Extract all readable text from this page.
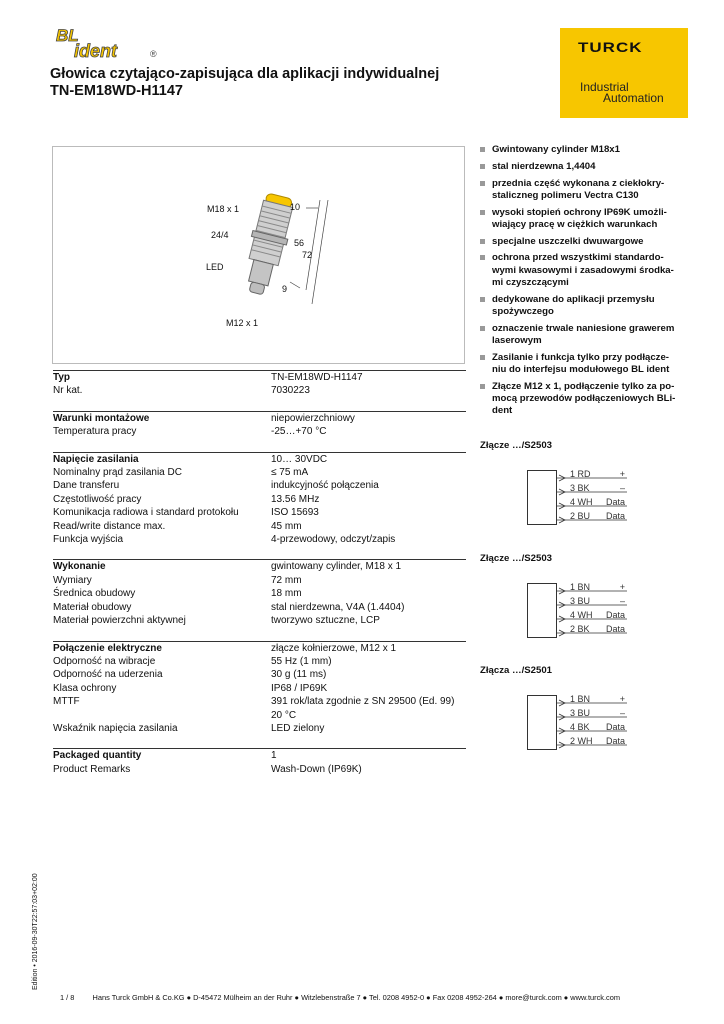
BL
ident	®
Głowica czytająco-zapisująca dla aplikacji indywidualnej
TN-EM18WD-H1147
TURCK
Industrial
Automation
M18 x 1
24/4
LED
M12 x 1
10
56
72
9
Typ	TN-EM18WD-H1147
Nr kat.	7030223
Warunki montażowe	niepowierzchniowy
Temperatura pracy	-25…+70 °C
Napięcie zasilania	10… 30VDC
Nominalny prąd zasilania DC	≤ 75 mA
Dane transferu	indukcyjność połączenia
Częstotliwość pracy	13.56 MHz
Komunikacja radiowa i standard protokołu	ISO 15693
Read/write distance max.	45 mm
Funkcja wyjścia	4-przewodowy, odczyt/zapis
Wykonanie	gwintowany cylinder, M18 x 1
Wymiary	72 mm
Średnica obudowy	18 mm
Materiał obudowy	stal nierdzewna, V4A (1.4404)
Materiał powierzchni aktywnej	tworzywo sztuczne, LCP
Połączenie elektryczne	złącze kołnierzowe, M12 x 1
Odporność na wibracje	55 Hz (1 mm)
Odporność na uderzenia	30 g (11 ms)
Klasa ochrony	IP68 / IP69K
MTTF	391 rok/lata zgodnie z SN 29500 (Ed. 99) 20 °C
Wskaźnik napięcia zasilania	LED zielony
Packaged quantity	1
Product Remarks	Wash-Down (IP69K)
Gwintowany cylinder M18x1
stal nierdzewna 1,4404
przednia część wykonana z ciekłokry-staliczneg polimeru Vectra C130
wysoki stopień ochrony IP69K umożli-wiający pracę w ciężkich warunkach
specjalne uszczelki dwuwargowe
ochrona przed wszystkimi standardo-wymi kwasowymi i zasadowymi środka-mi czyszczącymi
dedykowane do aplikacji przemysłu spożywczego
oznaczenie trwale naniesione grawerem laserowym
Zasilanie i funkcja tylko przy podłącze-niu do interfejsu modułowego BL ident
Złącze M12 x 1, podłączenie tylko za po-mocą przewodów podłączeniowych BLi-dent
Złącze …/S2503
1 RD	+
3 BK	–
4 WH	Data
2 BU	Data
Złącze …/S2503
1 BN	+
3 BU	–
4 WH	Data
2 BK	Data
Złącza …/S2501
1 BN	+
3 BU	–
4 BK	Data
2 WH	Data
Edition • 2016-09-30T22:57:03+02:00
1 / 8 Hans Turck GmbH & Co.KG ● D-45472 Mülheim an der Ruhr ● Witzlebenstraße 7 ● Tel. 0208 4952-0 ● Fax 0208 4952-264 ● more@turck.com ● www.turck.com
